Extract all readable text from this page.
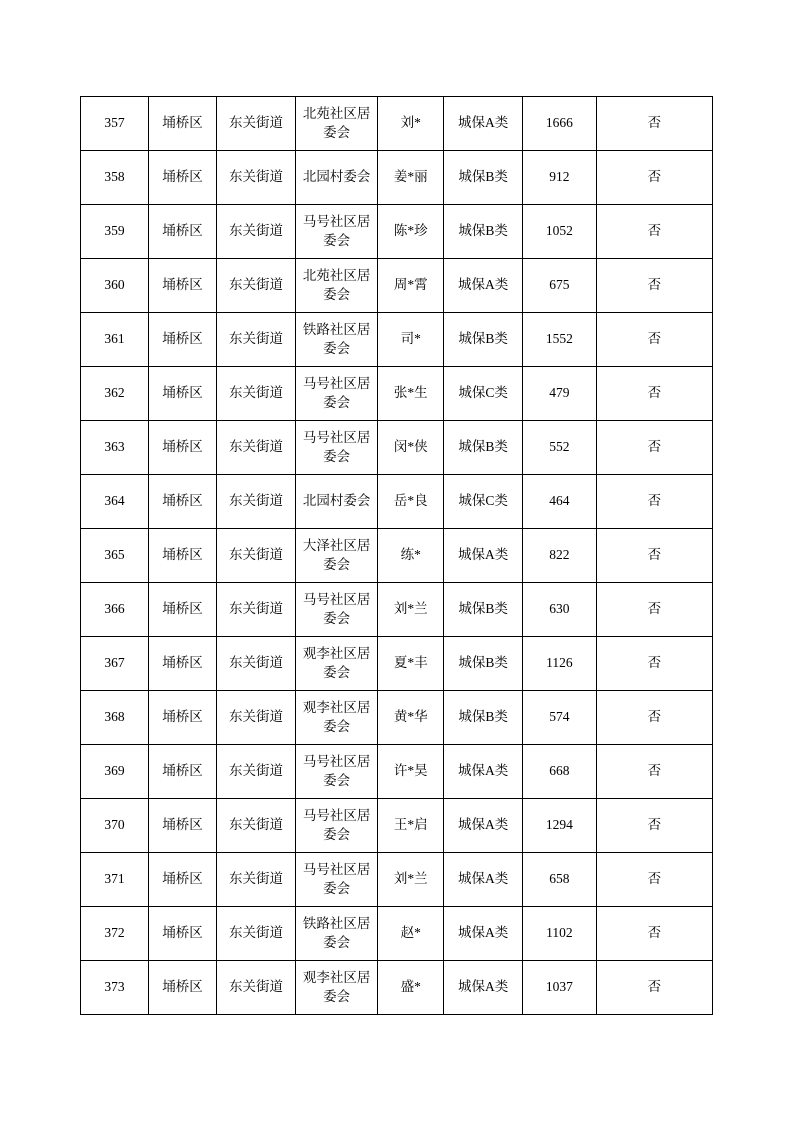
357	埇桥区	东关街道	北苑社区居委会	刘*	城保A类	1666	否

358	埇桥区	东关街道	北园村委会	姜*丽	城保B类	912	否

359	埇桥区	东关街道	马号社区居委会	陈*珍	城保B类	1052	否

360	埇桥区	东关街道	北苑社区居委会	周*霄	城保A类	675	否

361	埇桥区	东关街道	铁路社区居委会	司*	城保B类	1552	否

362	埇桥区	东关街道	马号社区居委会	张*生	城保C类	479	否

363	埇桥区	东关街道	马号社区居委会	闵*侠	城保B类	552	否

364	埇桥区	东关街道	北园村委会	岳*良	城保C类	464	否

365	埇桥区	东关街道	大泽社区居委会	练*	城保A类	822	否

366	埇桥区	东关街道	马号社区居委会	刘*兰	城保B类	630	否

367	埇桥区	东关街道	观李社区居委会	夏*丰	城保B类	1126	否

368	埇桥区	东关街道	观李社区居委会	黄*华	城保B类	574	否

369	埇桥区	东关街道	马号社区居委会	许*昊	城保A类	668	否

370	埇桥区	东关街道	马号社区居委会	王*启	城保A类	1294	否

371	埇桥区	东关街道	马号社区居委会	刘*兰	城保A类	658	否

372	埇桥区	东关街道	铁路社区居委会	赵*	城保A类	1102	否

373	埇桥区	东关街道	观李社区居委会	盛*	城保A类	1037	否
